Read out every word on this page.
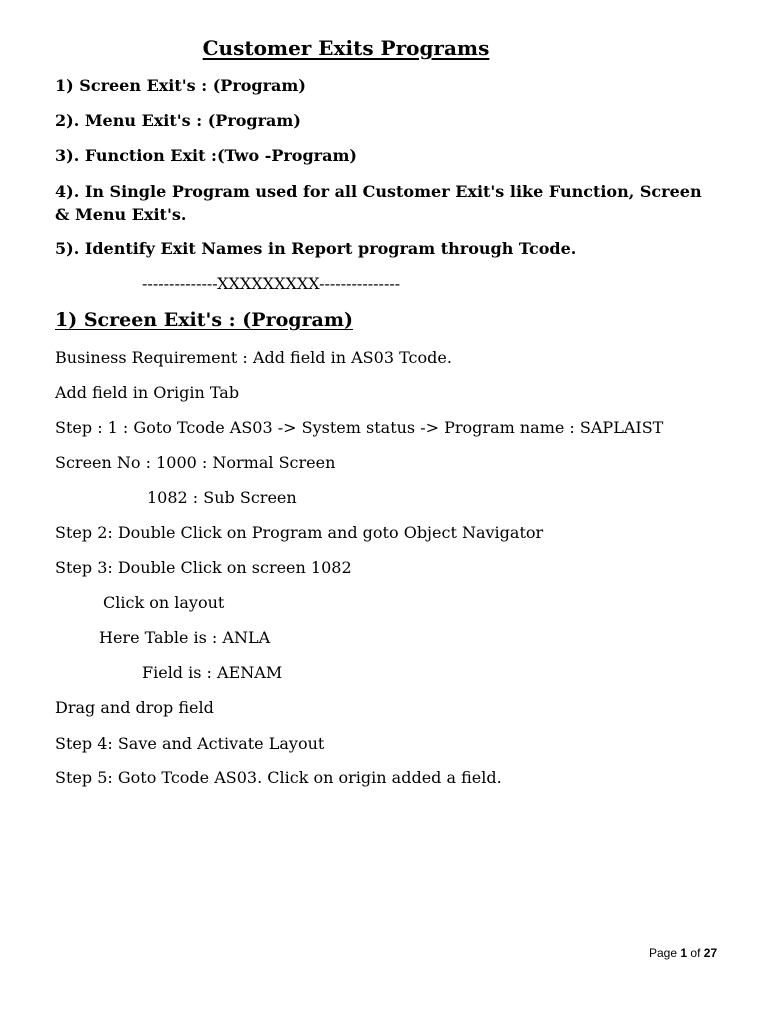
Customer Exits Programs
1) Screen Exit's : (Program)
2). Menu Exit's : (Program)
3). Function Exit :(Two -Program)
4). In Single Program used for all Customer Exit's like Function, Screen & Menu Exit's.
5). Identify Exit Names in Report program through Tcode.
--------------XXXXXXXXX---------------
1) Screen Exit's : (Program)
Business Requirement : Add field in AS03 Tcode.
Add field in Origin Tab
Step : 1 : Goto Tcode AS03 -> System status -> Program name : SAPLAIST
Screen No : 1000 : Normal Screen
1082 : Sub Screen
Step 2: Double Click on Program and goto Object Navigator
Step 3: Double Click on screen 1082
Click on layout
Here Table is : ANLA
Field is : AENAM
Drag and drop field
Step 4: Save and Activate Layout
Step 5: Goto Tcode AS03. Click on origin added a field.
Page 1 of 27
